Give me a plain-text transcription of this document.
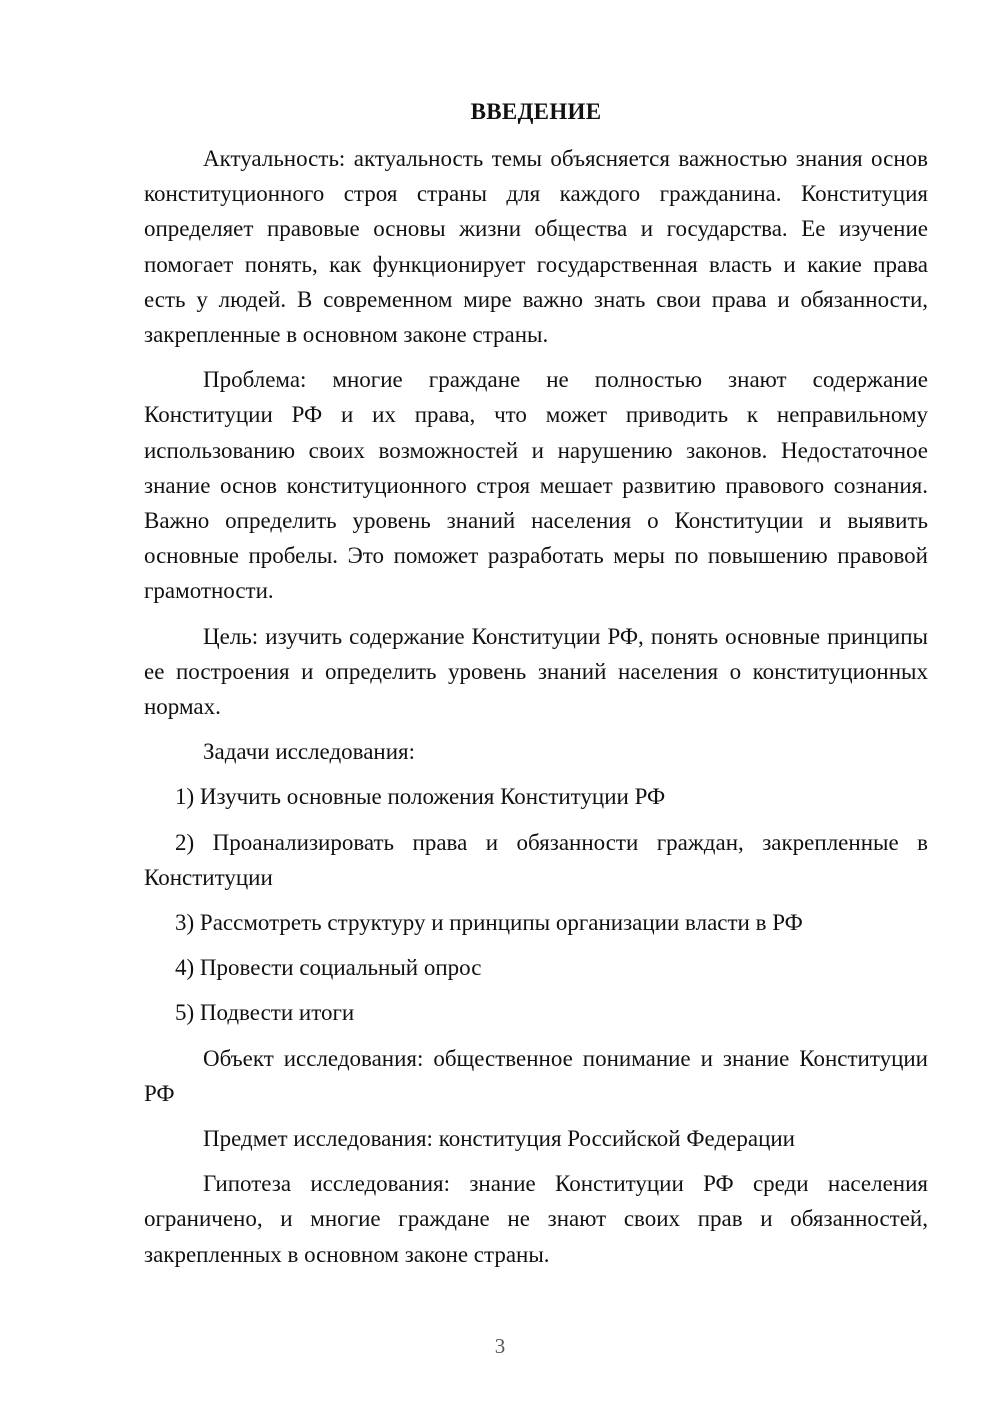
ВВЕДЕНИЕ

Актуальность: актуальность темы объясняется важностью знания основ конституционного строя страны для каждого гражданина. Конституция определяет правовые основы жизни общества и государства. Ее изучение помогает понять, как функционирует государственная власть и какие права есть у людей. В современном мире важно знать свои права и обязанности, закрепленные в основном законе страны.

Проблема: многие граждане не полностью знают содержание Конституции РФ и их права, что может приводить к неправильному использованию своих возможностей и нарушению законов. Недостаточное знание основ конституционного строя мешает развитию правового сознания. Важно определить уровень знаний населения о Конституции и выявить основные пробелы. Это поможет разработать меры по повышению правовой грамотности.

Цель: изучить содержание Конституции РФ, понять основные принципы ее построения и определить уровень знаний населения о конституционных нормах.

Задачи исследования:

1) Изучить основные положения Конституции РФ

2) Проанализировать права и обязанности граждан, закрепленные в Конституции

3) Рассмотреть структуру и принципы организации власти в РФ

4) Провести социальный опрос

5) Подвести итоги

Объект исследования: общественное понимание и знание Конституции РФ

Предмет исследования: конституция Российской Федерации

Гипотеза исследования: знание Конституции РФ среди населения ограничено, и многие граждане не знают своих прав и обязанностей, закрепленных в основном законе страны.

3
